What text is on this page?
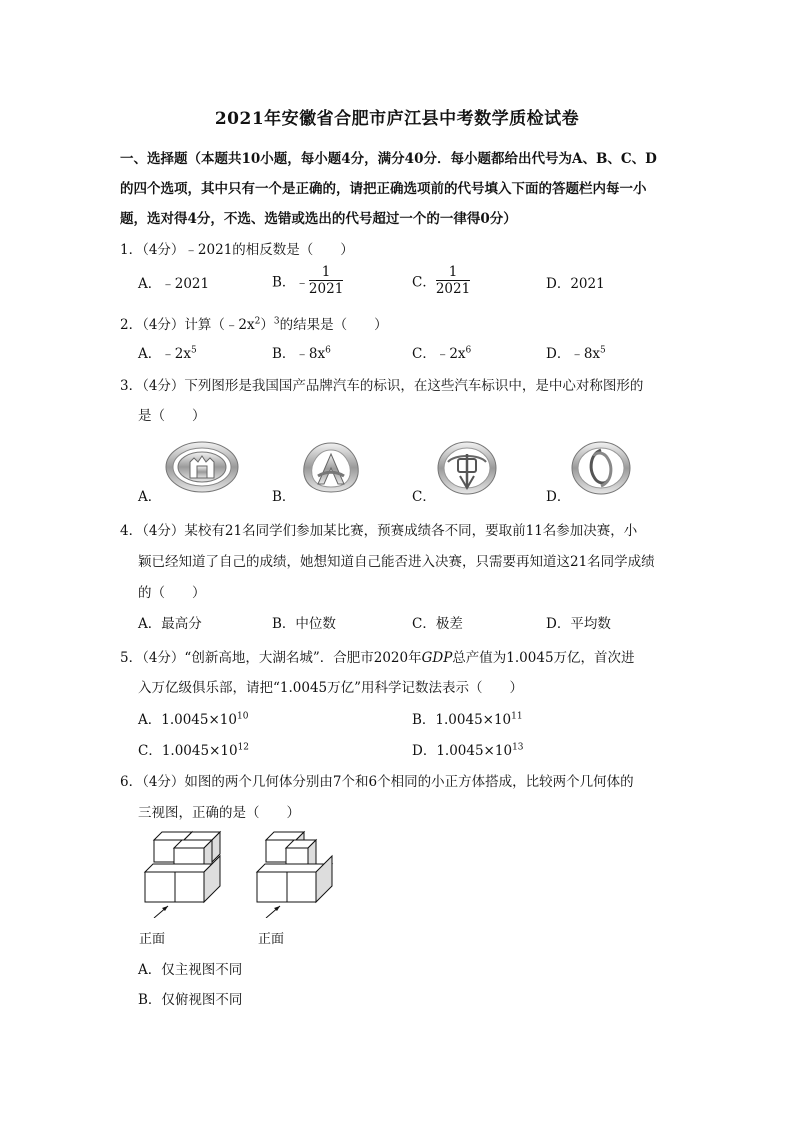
2021年安徽省合肥市庐江县中考数学质检试卷
一、选择题（本题共10小题，每小题4分，满分40分．每小题都给出代号为A、B、C、D
的四个选项，其中只有一个是正确的，请把正确选项前的代号填入下面的答题栏内每一小
题，选对得4分，不选、选错或选出的代号超过一个的一律得0分）
1．（4分）﹣2021的相反数是（　　）
A．﹣2021	B．﹣ $\frac{1}{2021}$	C． $\frac{1}{2021}$	D．2021
2．（4分）计算$(﹣2x^2)^3$的结果是（　　）
A．$﹣2x^5$	B．$﹣8x^6$	C．$﹣2x^6$	D．$﹣8x^5$
3．（4分）下列图形是我国国产品牌汽车的标识，在这些汽车标识中，是中心对称图形的
是（　　）
A．	B．	C．	D．
4．（4分）某校有21名同学们参加某比赛，预赛成绩各不同，要取前11名参加决赛，小
颖已经知道了自己的成绩，她想知道自己能否进入决赛，只需要再知道这21名同学成绩
的（　　）
A．最高分	B．中位数	C．极差	D．平均数
5．（4分）“创新高地，大湖名城”．合肥市2020年GDP总产值为1.0045万亿，首次进
入万亿级俱乐部，请把“1.0045万亿”用科学记数法表示（　　）
A．$1.0045\times 10^{10}$	B．$1.0045\times 10^{11}$
C．$1.0045\times 10^{12}$	D．$1.0045\times 10^{13}$
6．（4分）如图的两个几何体分别由7个和6个相同的小正方体搭成，比较两个几何体的
三视图，正确的是（　　）
正面	正面
A．仅主视图不同
B．仅俯视图不同
